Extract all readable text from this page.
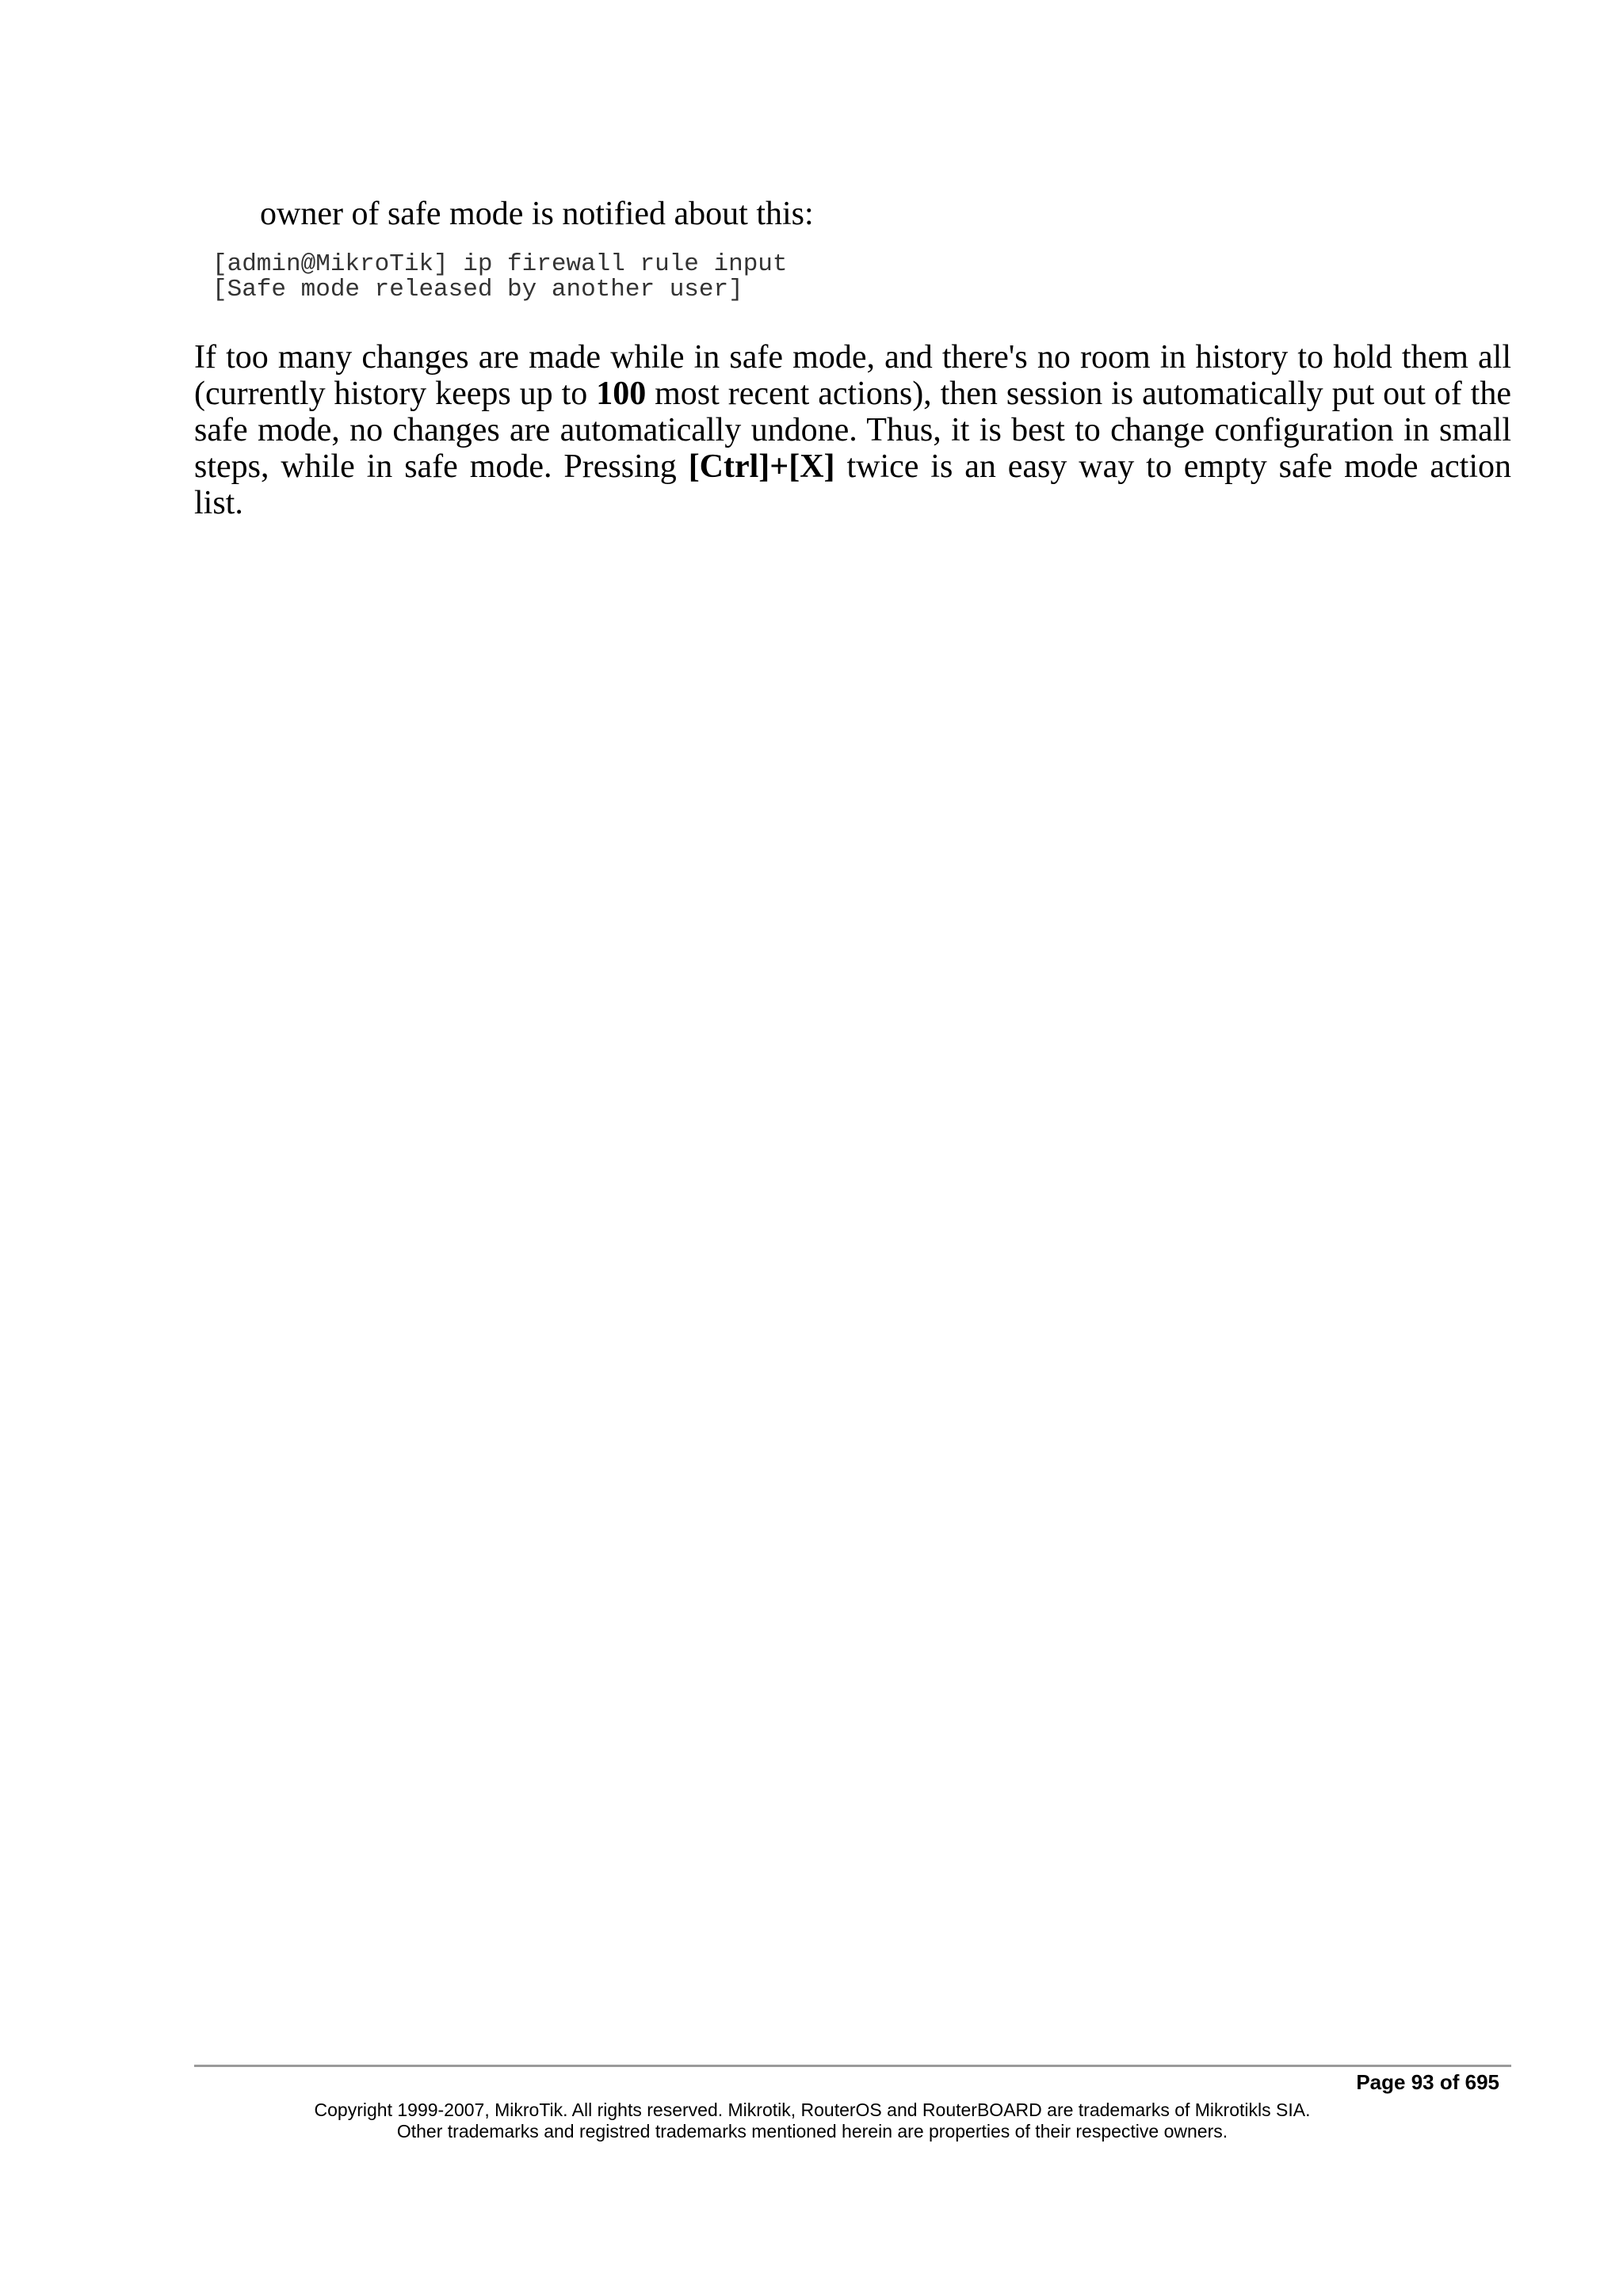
owner of safe mode is notified about this:
[admin@MikroTik] ip firewall rule input
[Safe mode released by another user]

If too many changes are made while in safe mode, and there's no room in history to hold them all (currently history keeps up to 100 most recent actions), then session is automatically put out of the safe mode, no changes are automatically undone. Thus, it is best to change configuration in small steps, while in safe mode. Pressing [Ctrl]+[X] twice is an easy way to empty safe mode action list.

Page 93 of 695
Copyright 1999-2007, MikroTik. All rights reserved. Mikrotik, RouterOS and RouterBOARD are trademarks of Mikrotikls SIA.
Other trademarks and registred trademarks mentioned herein are properties of their respective owners.
